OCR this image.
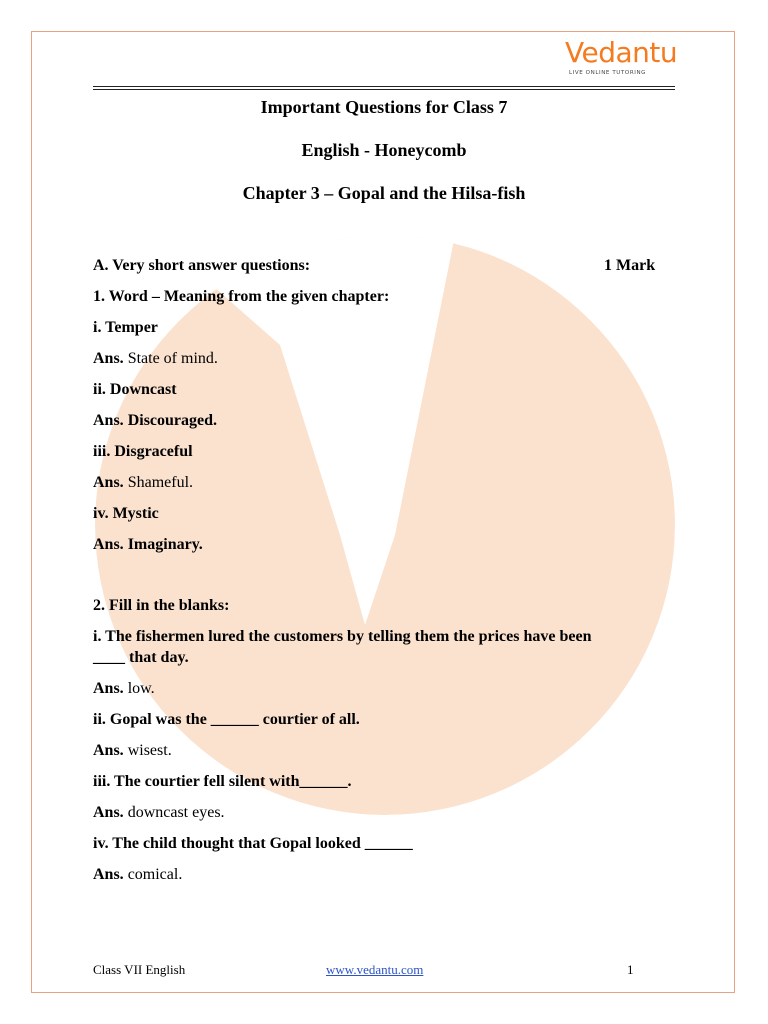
Vedantu
LIVE ONLINE TUTORING
Important Questions for Class 7
English - Honeycomb
Chapter 3 – Gopal and the Hilsa-fish
A. Very short answer questions:	1 Mark
1. Word – Meaning from the given chapter:
i. Temper
Ans. State of mind.
ii. Downcast
Ans. Discouraged.
iii. Disgraceful
Ans. Shameful.
iv. Mystic
Ans. Imaginary.
2. Fill in the blanks:
i. The fishermen lured the customers by telling them the prices have been
____ that day.
Ans. low.
ii. Gopal was the ______ courtier of all.
Ans. wisest.
iii. The courtier fell silent with______.
Ans. downcast eyes.
iv. The child thought that Gopal looked ______
Ans. comical.
Class VII English	www.vedantu.com	1
